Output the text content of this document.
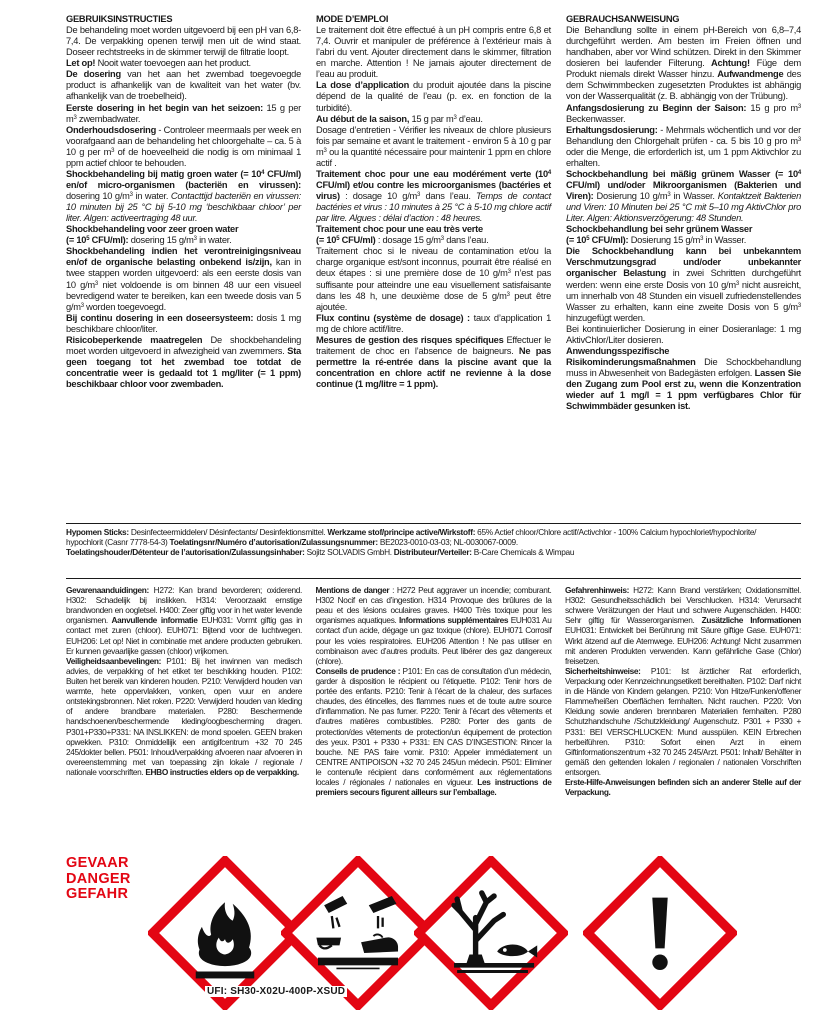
GEBRUIKSINSTRUCTIES

De behandeling moet worden uitgevoerd bij een pH van 6,8-7,4. De verpakking openen terwijl men uit de wind staat. Doseer rechtstreeks in de skimmer terwijl de filtratie loopt.

Let op! Nooit water toevoegen aan het product.

De dosering van het aan het zwembad toegevoegde product is afhankelijk van de kwaliteit van het water (bv. afhankelijk van de troebelheid).

Eerste dosering in het begin van het seizoen: 15 g per $m^3$ zwembadwater.

Onderhoudsdosering - Controleer meermaals per week en voorafgaand aan de behandeling het chloorgehalte – ca. 5 à 10 g per $m^3$ of de hoeveelheid die nodig is om minimaal 1 ppm actief chloor te behouden.

Shockbehandeling bij matig groen water (= $10^4$ CFU/ml) en/of micro-organismen (bacteriën en virussen): dosering 10 $g/m^3$ in water. Contacttijd bacteriën en virussen: 10 minuten bij 25 °C bij 5-10 mg ‘beschikbaar chloor’ per liter. Algen: activeertraging 48 uur.

Shockbehandeling voor zeer groen water
(= $10^5$ CFU/ml): dosering 15 $g/m^3$ in water.

Shockbehandeling indien het verontreinigingsniveau en/of de organische belasting onbekend is/zijn, kan in twee stappen worden uitgevoerd: als een eerste dosis van 10 $g/m^3$ niet voldoende is om binnen 48 uur een visueel bevredigend water te bereiken, kan een tweede dosis van 5 $g/m^3$ worden toegevoegd.

Bij continu dosering in een doseersysteem: dosis 1 mg beschikbare chloor/liter.

Risicobeperkende maatregelen De shockbehandeling moet worden uitgevoerd in afwezigheid van zwemmers. Sta geen toegang tot het zwembad toe totdat de concentratie weer is gedaald tot 1 mg/liter (= 1 ppm) beschikbaar chloor voor zwembaden.

MODE D’EMPLOI

Le traitement doit être effectué à un pH compris entre 6,8 et 7,4. Ouvrir et manipuler de préférence à l’extérieur mais à l’abri du vent. Ajouter directement dans le skimmer, filtration en marche. Attention ! Ne jamais ajouter directement de l’eau au produit.

La dose d’application du produit ajoutée dans la piscine dépend de la qualité de l’eau (p. ex. en fonction de la turbidité).

Au début de la saison, 15 g par $m^3$ d’eau.

Dosage d’entretien - Vérifier les niveaux de chlore plusieurs fois par semaine et avant le traitement - environ 5 à 10 g par $m^3$ ou la quantité nécessaire pour maintenir 1 ppm en chlore actif .

Traitement choc pour une eau modérément verte ($10^4$ CFU/ml) et/ou contre les microorganismes (bactéries et virus) : dosage 10 $g/m^3$ dans l’eau. Temps de contact bactéries et virus : 10 minutes à 25 °C à 5-10 mg chlore actif par litre. Algues : délai d’action : 48 heures.

Traitement choc pour une eau très verte
(= $10^5$ CFU/ml) : dosage 15 $g/m^3$ dans l’eau.

Traitement choc si le niveau de contamination et/ou la charge organique est/sont inconnus, pourrait être réalisé en deux étapes : si une première dose de 10 $g/m^3$ n’est pas suffisante pour atteindre une eau visuellement satisfaisante dans les 48 h, une deuxième dose de 5 $g/m^3$ peut être ajoutée.

Flux continu (système de dosage) : taux d’application 1 mg de chlore actif/litre.

Mesures de gestion des risques spécifiques Effectuer le traitement de choc en l’absence de baigneurs. Ne pas permettre la ré-entrée dans la piscine avant que la concentration en chlore actif ne revienne à la dose continue (1 mg/litre = 1 ppm).

GEBRAUCHSANWEISUNG

Die Behandlung sollte in einem pH-Bereich von 6,8–7,4 durchgeführt werden. Am besten im Freien öffnen und handhaben, aber vor Wind schützen. Direkt in den Skimmer dosieren bei laufender Filterung. Achtung! Füge dem Produkt niemals direkt Wasser hinzu. Aufwandmenge des dem Schwimmbecken zugesetzten Produktes ist abhängig von der Wasserqualität (z. B. abhängig von der Trübung).

Anfangsdosierung zu Beginn der Saison: 15 g pro $m^3$ Beckenwasser.

Erhaltungsdosierung: - Mehrmals wöchentlich und vor der Behandlung den Chlorgehalt prüfen - ca. 5 bis 10 g pro $m^3$ oder die Menge, die erforderlich ist, um 1 ppm Aktivchlor zu erhalten.

Schockbehandlung bei mäßig grünem Wasser (= $10^4$ CFU/ml) und/oder Mikroorganismen (Bakterien und Viren): Dosierung 10 $g/m^3$ in Wasser. Kontaktzeit Bakterien und Viren: 10 Minuten bei 25 °C mit 5–10 mg AktivChlor pro Liter. Algen: Aktionsverzögerung: 48 Stunden.

Schockbehandlung bei sehr grünem Wasser
(= $10^5$ CFU/ml): Dosierung 15 $g/m^3$ in Wasser.

Die Schockbehandlung kann bei unbekanntem Verschmutzungsgrad und/oder unbekannter organischer Belastung in zwei Schritten durchgeführt werden: wenn eine erste Dosis von 10 $g/m^3$ nicht ausreicht, um innerhalb von 48 Stunden ein visuell zufriedenstellendes Wasser zu erhalten, kann eine zweite Dosis von 5 $g/m^3$ hinzugefügt werden.

Bei kontinuierlicher Dosierung in einer Dosieranlage: 1 mg AktivChlor/Liter dosieren.

Anwendungsspezifische Risikominderungsmaßnahmen Die Schockbehandlung muss in Abwesenheit von Badegästen erfolgen. Lassen Sie den Zugang zum Pool erst zu, wenn die Konzentration wieder auf 1 mg/l = 1 ppm verfügbares Chlor für Schwimmbäder gesunken ist.

Hypomen Sticks: Desinfecteermiddelen/ Désinfectants/ Desinfektionsmittel. Werkzame stof/principe active/Wirkstoff: 65% Actief chloor/Chlore actif/Activchlor - 100% Calcium hypochloriet/hypochlorite/

hypochlorit (Casnr 7778-54-3) Toelatingsnr/Numéro d’autorisation/Zulassungsnummer: BE2023-0010-03-03; NL-0030067-0009.

Toelatingshouder/Détenteur de l’autorisation/Zulassungsinhaber: Sojitz SOLVADIS GmbH. Distributeur/Verteiler: B-Care Chemicals & Wimpau

Gevarenaanduidingen: H272: Kan brand bevorderen; oxiderend. H302: Schadelijk bij inslikken. H314: Veroorzaakt ernstige brandwonden en oogletsel. H400: Zeer giftig voor in het water levende organismen. Aanvullende informatie EUH031: Vormt giftig gas in contact met zuren (chloor). EUH071: Bijtend voor de luchtwegen. EUH206: Let op! Niet in combinatie met andere producten gebruiken. Er kunnen gevaarlijke gassen (chloor) vrijkomen.

Veiligheidsaanbevelingen: P101: Bij het inwinnen van medisch advies, de verpakking of het etiket ter beschikking houden. P102: Buiten het bereik van kinderen houden. P210: Verwijderd houden van warmte, hete oppervlakken, vonken, open vuur en andere ontstekingsbronnen. Niet roken. P220: Verwijderd houden van kleding of andere brandbare materialen. P280: Beschermende handschoenen/beschermende kleding/oogbescherming dragen. P301+P330+P331: NA INSLIKKEN: de mond spoelen. GEEN braken opwekken. P310: Onmiddellijk een antigifcentrum +32 70 245 245/dokter bellen. P501: Inhoud/verpakking afvoeren naar afvoeren in overeenstemming met van toepassing zijn lokale / regionale / nationale voorschriften. EHBO instructies elders op de verpakking.

Mentions de danger : H272 Peut aggraver un incendie; comburant. H302 Nocif en cas d’ingestion. H314 Provoque des brûlures de la peau et des lésions oculaires graves. H400 Très toxique pour les organismes aquatiques. Informations supplémentaires EUH031 Au contact d’un acide, dégage un gaz toxique (chlore). EUH071 Corrosif pour les voies respiratoires. EUH206 Attention ! Ne pas utiliser en combinaison avec d’autres produits. Peut libérer des gaz dangereux (chlore).

Conseils de prudence : P101: En cas de consultation d’un médecin, garder à disposition le récipient ou l’étiquette. P102: Tenir hors de portée des enfants. P210: Tenir à l’écart de la chaleur, des surfaces chaudes, des étincelles, des flammes nues et de toute autre source d’inflammation. Ne pas fumer. P220: Tenir à l’écart des vêtements et d’autres matières combustibles. P280: Porter des gants de protection/des vêtements de protection/un équipement de protection des yeux. P301 + P330 + P331: EN CAS D’INGESTION: Rincer la bouche. NE PAS faire vomir. P310: Appeler immédiatement un CENTRE ANTIPOISON +32 70 245 245/un médecin. P501: Eliminer le contenu/le récipient dans conformément aux réglementations locales / régionales / nationales en vigueur. Les instructions de premiers secours figurent ailleurs sur l’emballage.

Gefahrenhinweis: H272: Kann Brand verstärken; Oxidationsmittel. H302: Gesundheitsschädlich bei Verschlucken. H314: Verursacht schwere Verätzungen der Haut und schwere Augenschäden. H400: Sehr giftig für Wasserorganismen. Zusätzliche Informationen EUH031: Entwickelt bei Berührung mit Säure giftige Gase. EUH071: Wirkt ätzend auf die Atemwege. EUH206: Achtung! Nicht zusammen mit anderen Produkten verwenden. Kann gefährliche Gase (Chlor) freisetzen.

Sicherheitshinweise: P101: Ist ärztlicher Rat erforderlich, Verpackung oder Kennzeichnungsetikett bereithalten. P102: Darf nicht in die Hände von Kindern gelangen. P210: Von Hitze/Funken/offener Flamme/heißen Oberflächen fernhalten. Nicht rauchen. P220: Von Kleidung sowie anderen brennbaren Materialien fernhalten. P280 Schutzhandschuhe /Schutzkleidung/ Augenschutz. P301 + P330 + P331: BEI VERSCHLUCKEN: Mund ausspülen. KEIN Erbrechen herbeiführen. P310: Sofort einen Arzt in einem Giftinformationszentrum +32 70 245 245/Arzt. P501: Inhalt/ Behälter in gemäß den geltenden lokalen / regionalen / nationalen Vorschriften entsorgen.

Erste-Hilfe-Anweisungen befinden sich an anderer Stelle auf der Verpackung.

GEVAAR
DANGER
GEFAHR
UFI: SH30-X02U-400P-XSUD
